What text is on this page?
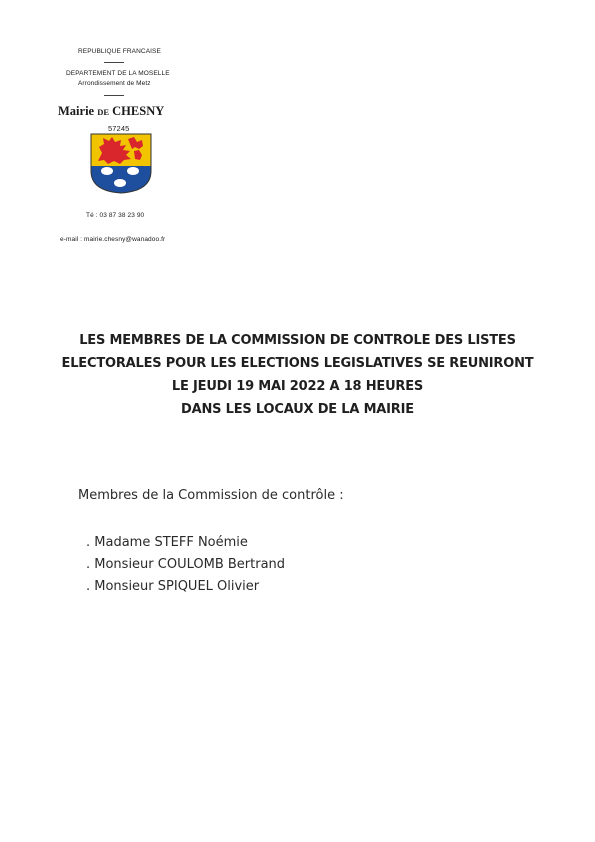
REPUBLIQUE FRANCAISE
DEPARTEMENT DE LA MOSELLE
Arrondissement de Metz
Mairie DE CHESNY
57245
Té : 03 87 38 23 90
e-mail : mairie.chesny@wanadoo.fr
LES MEMBRES DE LA COMMISSION DE CONTROLE DES LISTES
ELECTORALES POUR LES ELECTIONS LEGISLATIVES SE REUNIRONT
LE JEUDI 19 MAI 2022 A 18 HEURES
DANS LES LOCAUX DE LA MAIRIE
Membres de la Commission de contrôle :
. Madame STEFF Noémie
. Monsieur COULOMB Bertrand
. Monsieur SPIQUEL Olivier
